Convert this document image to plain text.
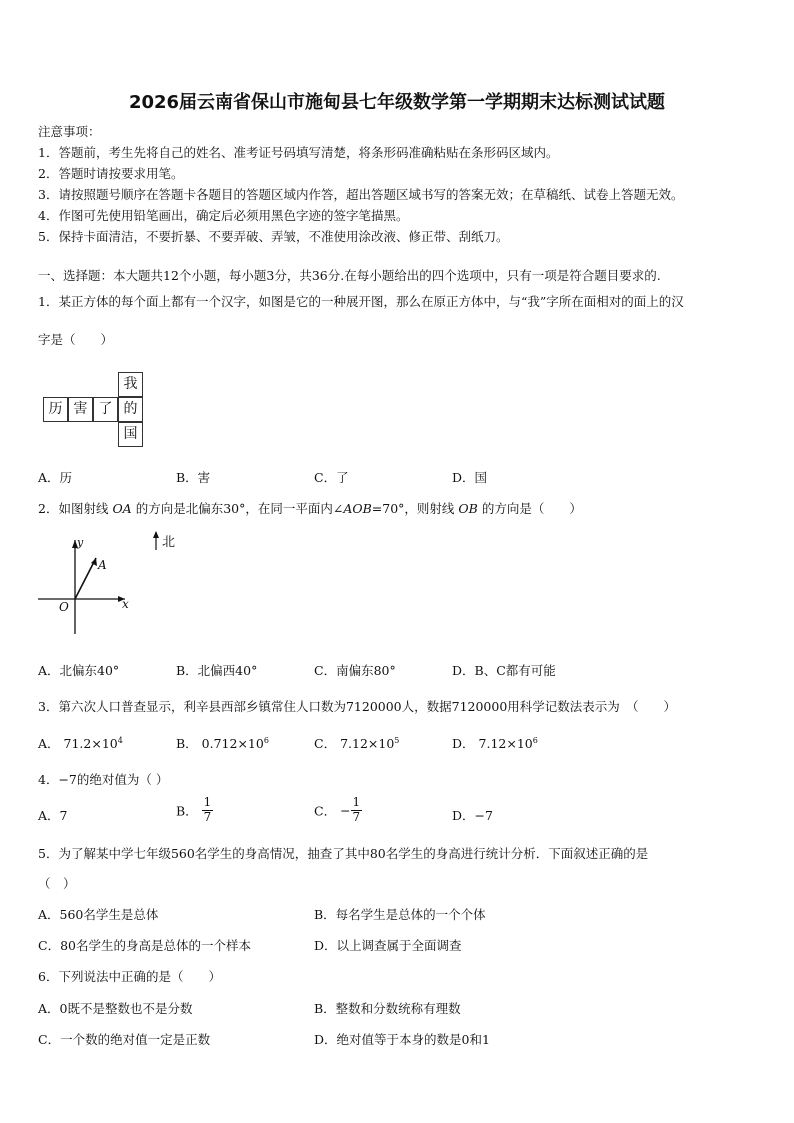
2026届云南省保山市施甸县七年级数学第一学期期末达标测试试题
注意事项：
1．答题前，考生先将自己的姓名、准考证号码填写清楚，将条形码准确粘贴在条形码区域内。
2．答题时请按要求用笔。
3．请按照题号顺序在答题卡各题目的答题区域内作答，超出答题区域书写的答案无效；在草稿纸、试卷上答题无效。
4．作图可先使用铅笔画出，确定后必须用黑色字迹的签字笔描黑。
5．保持卡面清洁，不要折暴、不要弄破、弄皱，不准使用涂改液、修正带、刮纸刀。
一、选择题：本大题共12个小题，每小题3分，共36分.在每小题给出的四个选项中，只有一项是符合题目要求的.
1．某正方体的每个面上都有一个汉字，如图是它的一种展开图，那么在原正方体中，与“我”字所在面相对的面上的汉
字是（　　）
我
历 害 了 的
国
A．历	B．害	C．了	D．国
2．如图射线 OA 的方向是北偏东30°，在同一平面内∠AOB=70°，则射线 OB 的方向是（　　）
北
y
A
O	x
A．北偏东40°	B．北偏西40°	C．南偏东80°	D．B、C都有可能
3．第六次人口普查显示，利辛县西部乡镇常住人口数为7120000人，数据7120000用科学记数法表示为　（　　）
A． $71.2\times 10^4$	B． $0.712\times 10^6$	C． $7.12\times 10^5$	D． $7.12\times 10^6$
4．−7的绝对值为（ ）
A．7	B． $\frac{1}{7}$	C． − $\frac{1}{7}$	D．−7
5．为了解某中学七年级560名学生的身高情况，抽查了其中80名学生的身高进行统计分析．下面叙述正确的是
（　）
A．560名学生是总体	B．每名学生是总体的一个个体
C．80名学生的身高是总体的一个样本	D．以上调查属于全面调查
6．下列说法中正确的是（　　）
A．0既不是整数也不是分数	B．整数和分数统称有理数
C．一个数的绝对值一定是正数	D．绝对值等于本身的数是0和1
